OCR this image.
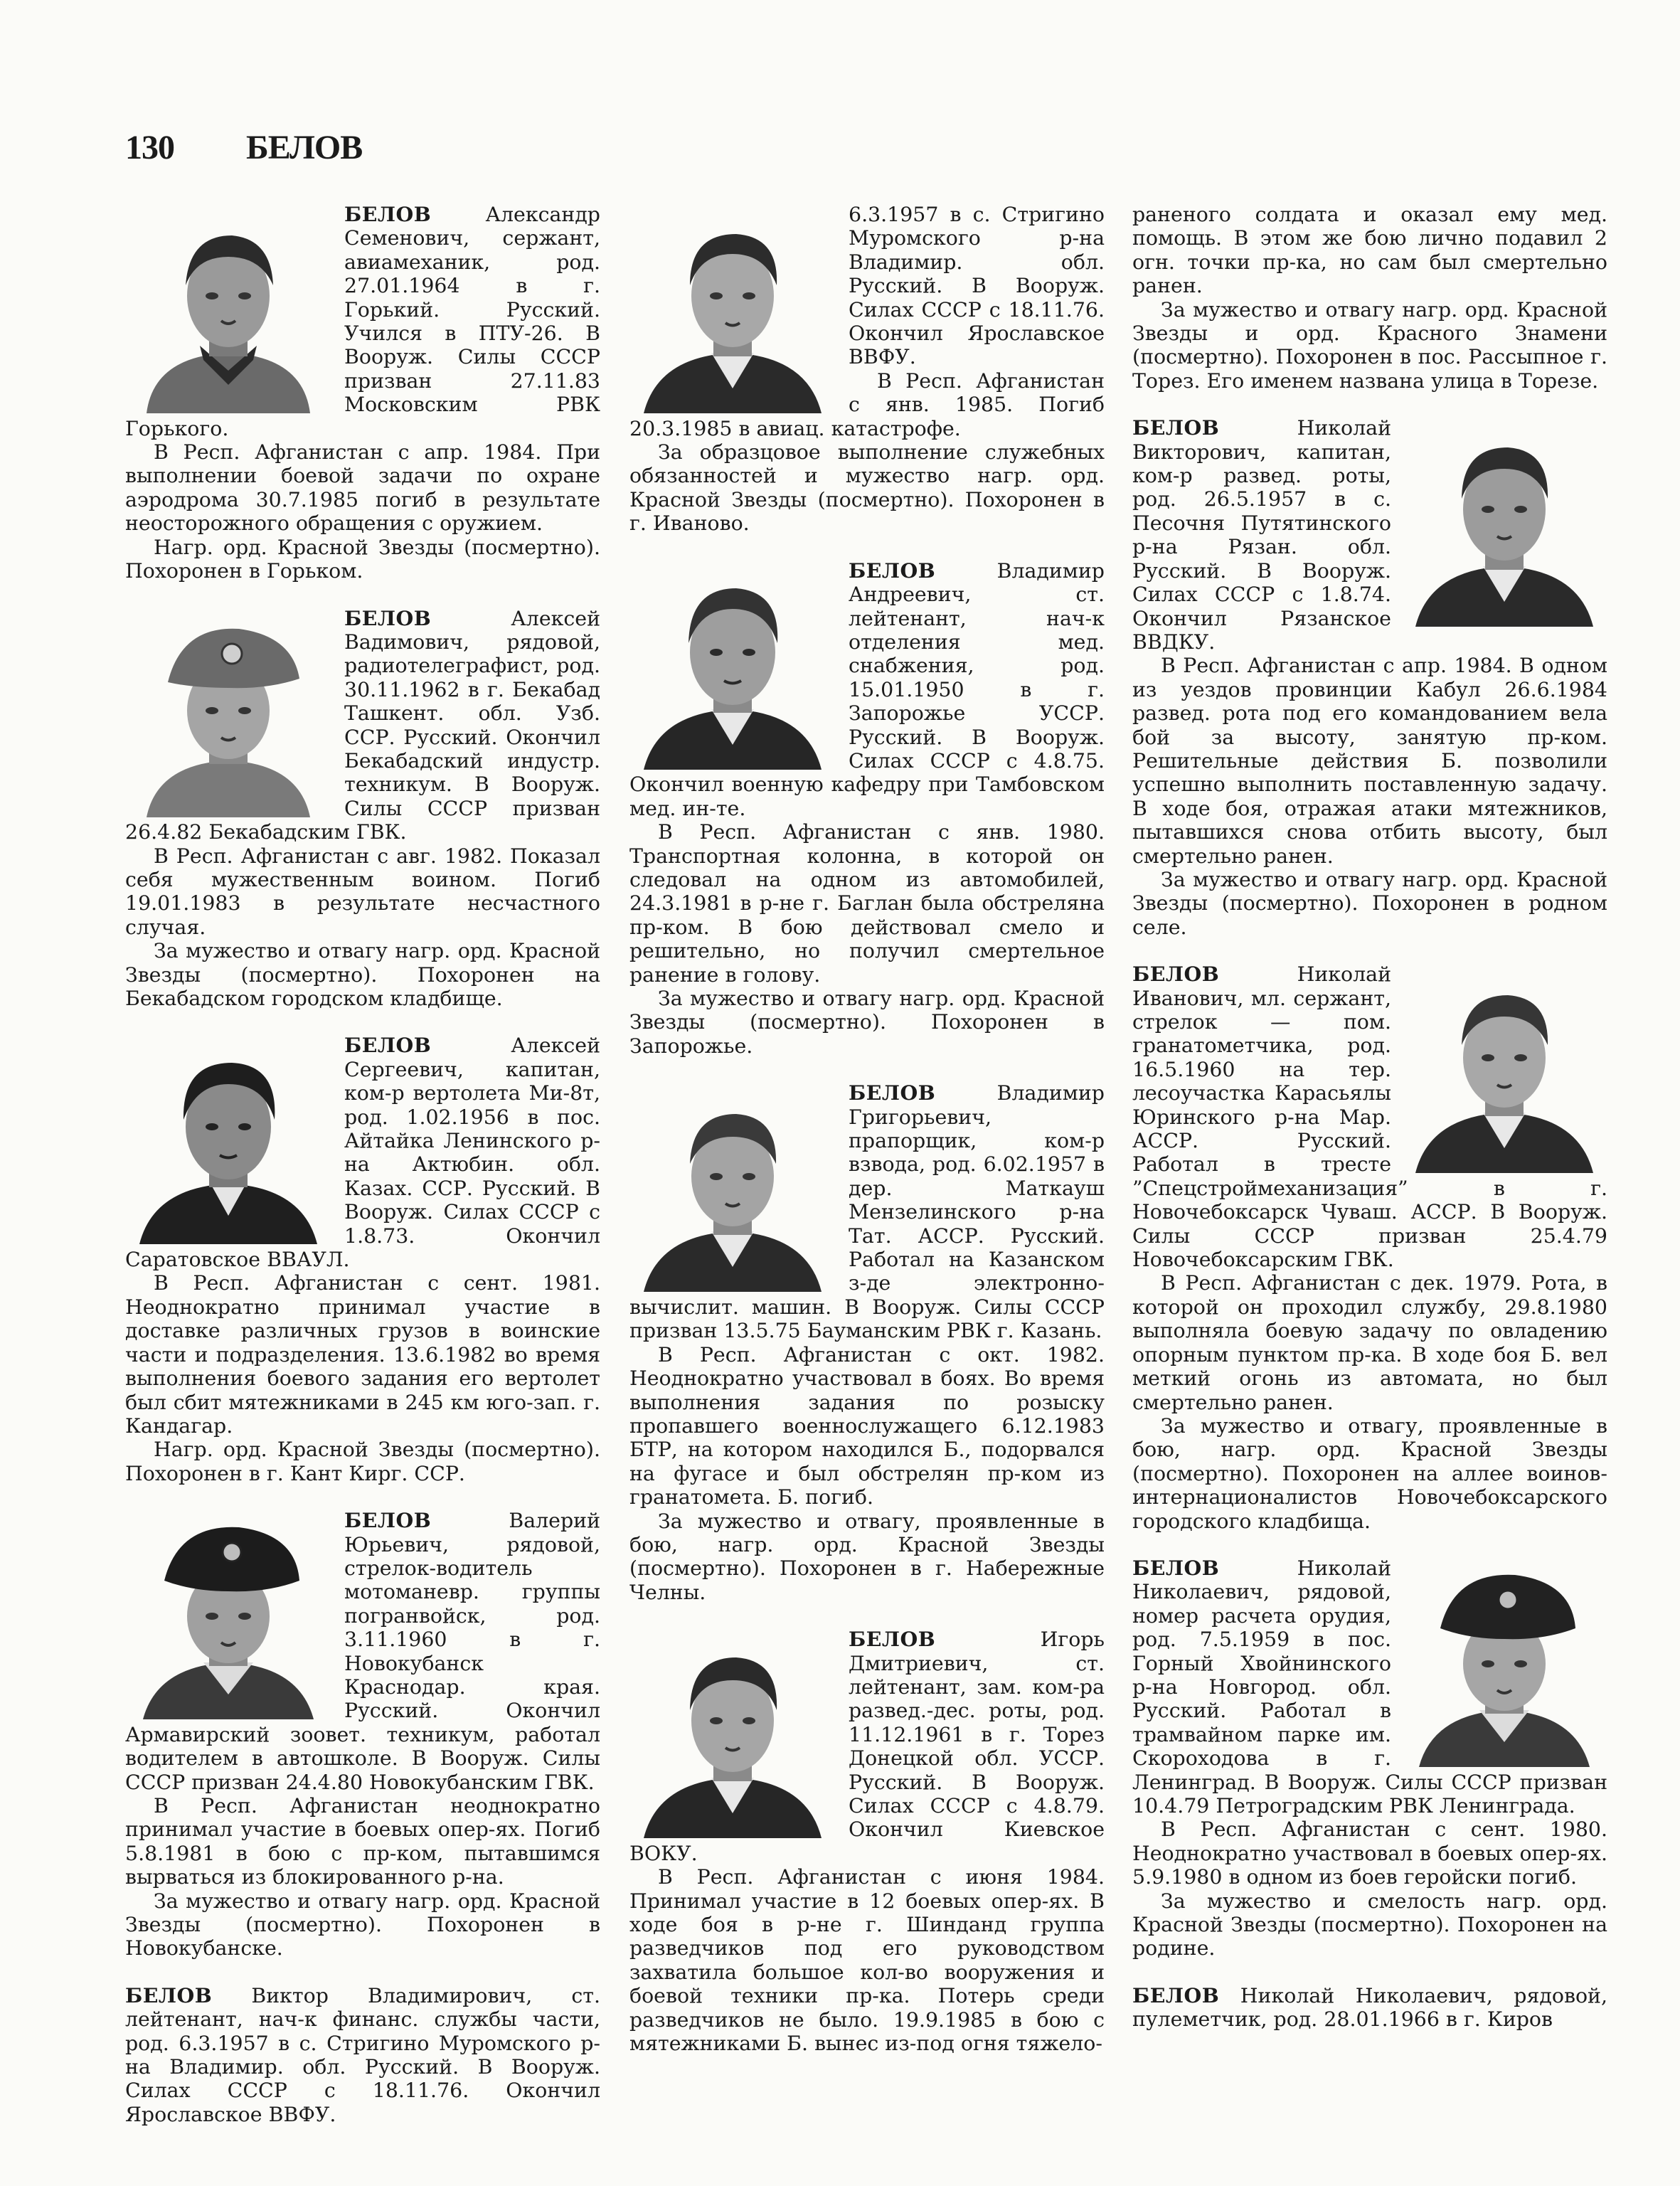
130 БЕЛОВ

БЕЛОВ	Александр Семенович, сержант, авиамеханик, род. 27.01.1964 в г. Горький. Русский. Учился в ПТУ-26. В Вооруж. Силы СССР призван 27.11.83 Московским РВК Горького.

В Респ. Афганистан с апр. 1984. При выполнении боевой задачи по охране аэродрома 30.7.1985 погиб в результате неосторожного обращения с оружием.

Нагр. орд. Красной Звезды (посмертно). Похоронен в Горьком.

БЕЛОВ	Алексей Вадимович, рядовой, радиотелеграфист, род. 30.11.1962 в г. Бекабад Ташкент. обл. Узб. ССР. Русский. Окончил Бекабадский индустр. техникум. В Вооруж. Силы СССР призван 26.4.82 Бекабадским ГВК.

В Респ. Афганистан с авг. 1982. Показал себя мужественным воином. Погиб 19.01.1983 в результате несчастного случая.

За мужество и отвагу нагр. орд. Красной Звезды (посмертно). Похоронен на Бекабадском городском кладбище.

БЕЛОВ	Алексей Сергеевич, капитан, ком-р вертолета Ми-8т, род. 1.02.1956 в пос. Айтайка Ленинского р-на Актюбин. обл. Казах. ССР. Русский. В Вооруж. Силах СССР с 1.8.73. Окончил Саратовское ВВАУЛ.

В Респ. Афганистан с сент. 1981. Неоднократно принимал участие в доставке различных грузов в воинские части и подразделения. 13.6.1982 во время выполнения боевого задания его вертолет был сбит мятежниками в 245 км юго-зап. г. Кандагар.

Нагр. орд. Красной Звезды (посмертно). Похоронен в г. Кант Кирг. ССР.

БЕЛОВ	Валерий Юрьевич, рядовой, стрелок-водитель мотоманевр. группы погранвойск, род. 3.11.1960 в г. Новокубанск Краснодар. края. Русский. Окончил Армавирский зоовет. техникум, работал водителем в автошколе. В Вооруж. Силы СССР призван 24.4.80 Новокубанским ГВК.

В Респ. Афганистан неоднократно принимал участие в боевых опер-ях. Погиб 5.8.1981 в бою с пр-ком, пытавшимся вырваться из блокированного р-на.

За мужество и отвагу нагр. орд. Красной Звезды (посмертно). Похоронен в Новокубанске.

БЕЛОВ Виктор Владимирович, ст. лейтенант, нач-к финанс. службы части, род. 6.3.1957 в с. Стригино Муромского р-на Владимир. обл. Русский. В Вооруж. Силах СССР с 18.11.76. Окончил Ярославское ВВФУ.

6.3.1957 в с. Стригино Муромского р-на Владимир. обл. Русский. В Вооруж. Силах СССР с 18.11.76. Окончил Ярославское ВВФУ.

В Респ. Афганистан с янв. 1985. Погиб 20.3.1985 в авиац. катастрофе.

За образцовое выполнение служебных обязанностей и мужество нагр. орд. Красной Звезды (посмертно). Похоронен в г. Иваново.

БЕЛОВ	Владимир Андреевич, ст. лейтенант, нач-к отделения мед. снабжения, род. 15.01.1950 в г. Запорожье УССР. Русский. В Вооруж. Силах СССР с 4.8.75. Окончил военную кафедру при Тамбовском мед. ин-те.

В Респ. Афганистан с янв. 1980. Транспортная колонна, в которой он следовал на одном из автомобилей, 24.3.1981 в р-не г. Баглан была обстреляна пр-ком. В бою действовал смело и решительно, но получил смертельное ранение в голову.

За мужество и отвагу нагр. орд. Красной Звезды (посмертно). Похоронен в Запорожье.

БЕЛОВ	Владимир Григорьевич, прапорщик, ком-р взвода, род. 6.02.1957 в дер. Маткауш Мензелинского р-на Тат. АССР. Русский. Работал на Казанском з-де электронно-вычислит. машин. В Вооруж. Силы СССР призван 13.5.75 Бауманским РВК г. Казань.

В Респ. Афганистан с окт. 1982. Неоднократно участвовал в боях. Во время выполнения задания по розыску пропавшего военнослужащего 6.12.1983 БТР, на котором находился Б., подорвался на фугасе и был обстрелян пр-ком из гранатомета. Б. погиб.

За мужество и отвагу, проявленные в бою, нагр. орд. Красной Звезды (посмертно). Похоронен в г. Набережные Челны.

БЕЛОВ	Игорь Дмитриевич, ст. лейтенант, зам. ком-ра развед.-дес. роты, род. 11.12.1961 в г. Торез Донецкой обл. УССР. Русский. В Вооруж. Силах СССР с 4.8.79. Окончил Киевское ВОКУ.

В Респ. Афганистан с июня 1984. Принимал участие в 12 боевых опер-ях. В ходе боя в р-не г. Шинданд группа разведчиков под его руководством захватила большое кол-во вооружения и боевой техники пр-ка. Потерь среди разведчиков не было. 19.9.1985 в бою с мятежниками Б. вынес из-под огня тяжело-

раненого солдата и оказал ему мед. помощь. В этом же бою лично подавил 2 огн. точки пр-ка, но сам был смертельно ранен.

За мужество и отвагу нагр. орд. Красной Звезды и орд. Красного Знамени (посмертно). Похоронен в пос. Рассыпное г. Торез. Его именем названа улица в Торезе.

БЕЛОВ	Николай Викторович, капитан, ком-р развед. роты, род. 26.5.1957 в с. Песочня Путятинского р-на Рязан. обл. Русский. В Вооруж. Силах СССР с 1.8.74. Окончил Рязанское ВВДКУ.

В Респ. Афганистан с апр. 1984. В одном из уездов провинции Кабул 26.6.1984 развед. рота под его командованием вела бой за высоту, занятую пр-ком. Решительные действия Б. позволили успешно выполнить поставленную задачу. В ходе боя, отражая атаки мятежников, пытавшихся снова отбить высоту, был смертельно ранен.

За мужество и отвагу нагр. орд. Красной Звезды (посмертно). Похоронен в родном селе.

БЕЛОВ	Николай Иванович, мл. сержант, стрелок — пом. гранатометчика, род. 16.5.1960 на тер. лесоучастка Карасьялы Юринского р-на Мар. АССР. Русский. Работал в тресте ”Спецстроймеханизация” в г. Новочебоксарск Чуваш. АССР. В Вооруж. Силы СССР призван 25.4.79 Новочебоксарским ГВК.

В Респ. Афганистан с дек. 1979. Рота, в которой он проходил службу, 29.8.1980 выполняла боевую задачу по овладению опорным пунктом пр-ка. В ходе боя Б. вел меткий огонь из автомата, но был смертельно ранен.

За мужество и отвагу, проявленные в бою, нагр. орд. Красной Звезды (посмертно). Похоронен на аллее воинов-интернационалистов Новочебоксарского городского кладбища.

БЕЛОВ	Николай Николаевич, рядовой, номер расчета орудия, род. 7.5.1959 в пос. Горный Хвойнинского р-на Новгород. обл. Русский. Работал в трамвайном парке им. Скороходова в г. Ленинград. В Вооруж. Силы СССР призван 10.4.79 Петроградским РВК Ленинграда.

В Респ. Афганистан с сент. 1980. Неоднократно участвовал в боевых опер-ях. 5.9.1980 в одном из боев геройски погиб.

За мужество и смелость нагр. орд. Красной Звезды (посмертно). Похоронен на родине.

БЕЛОВ Николай Николаевич, рядовой, пулеметчик, род. 28.01.1966 в г. Киров
